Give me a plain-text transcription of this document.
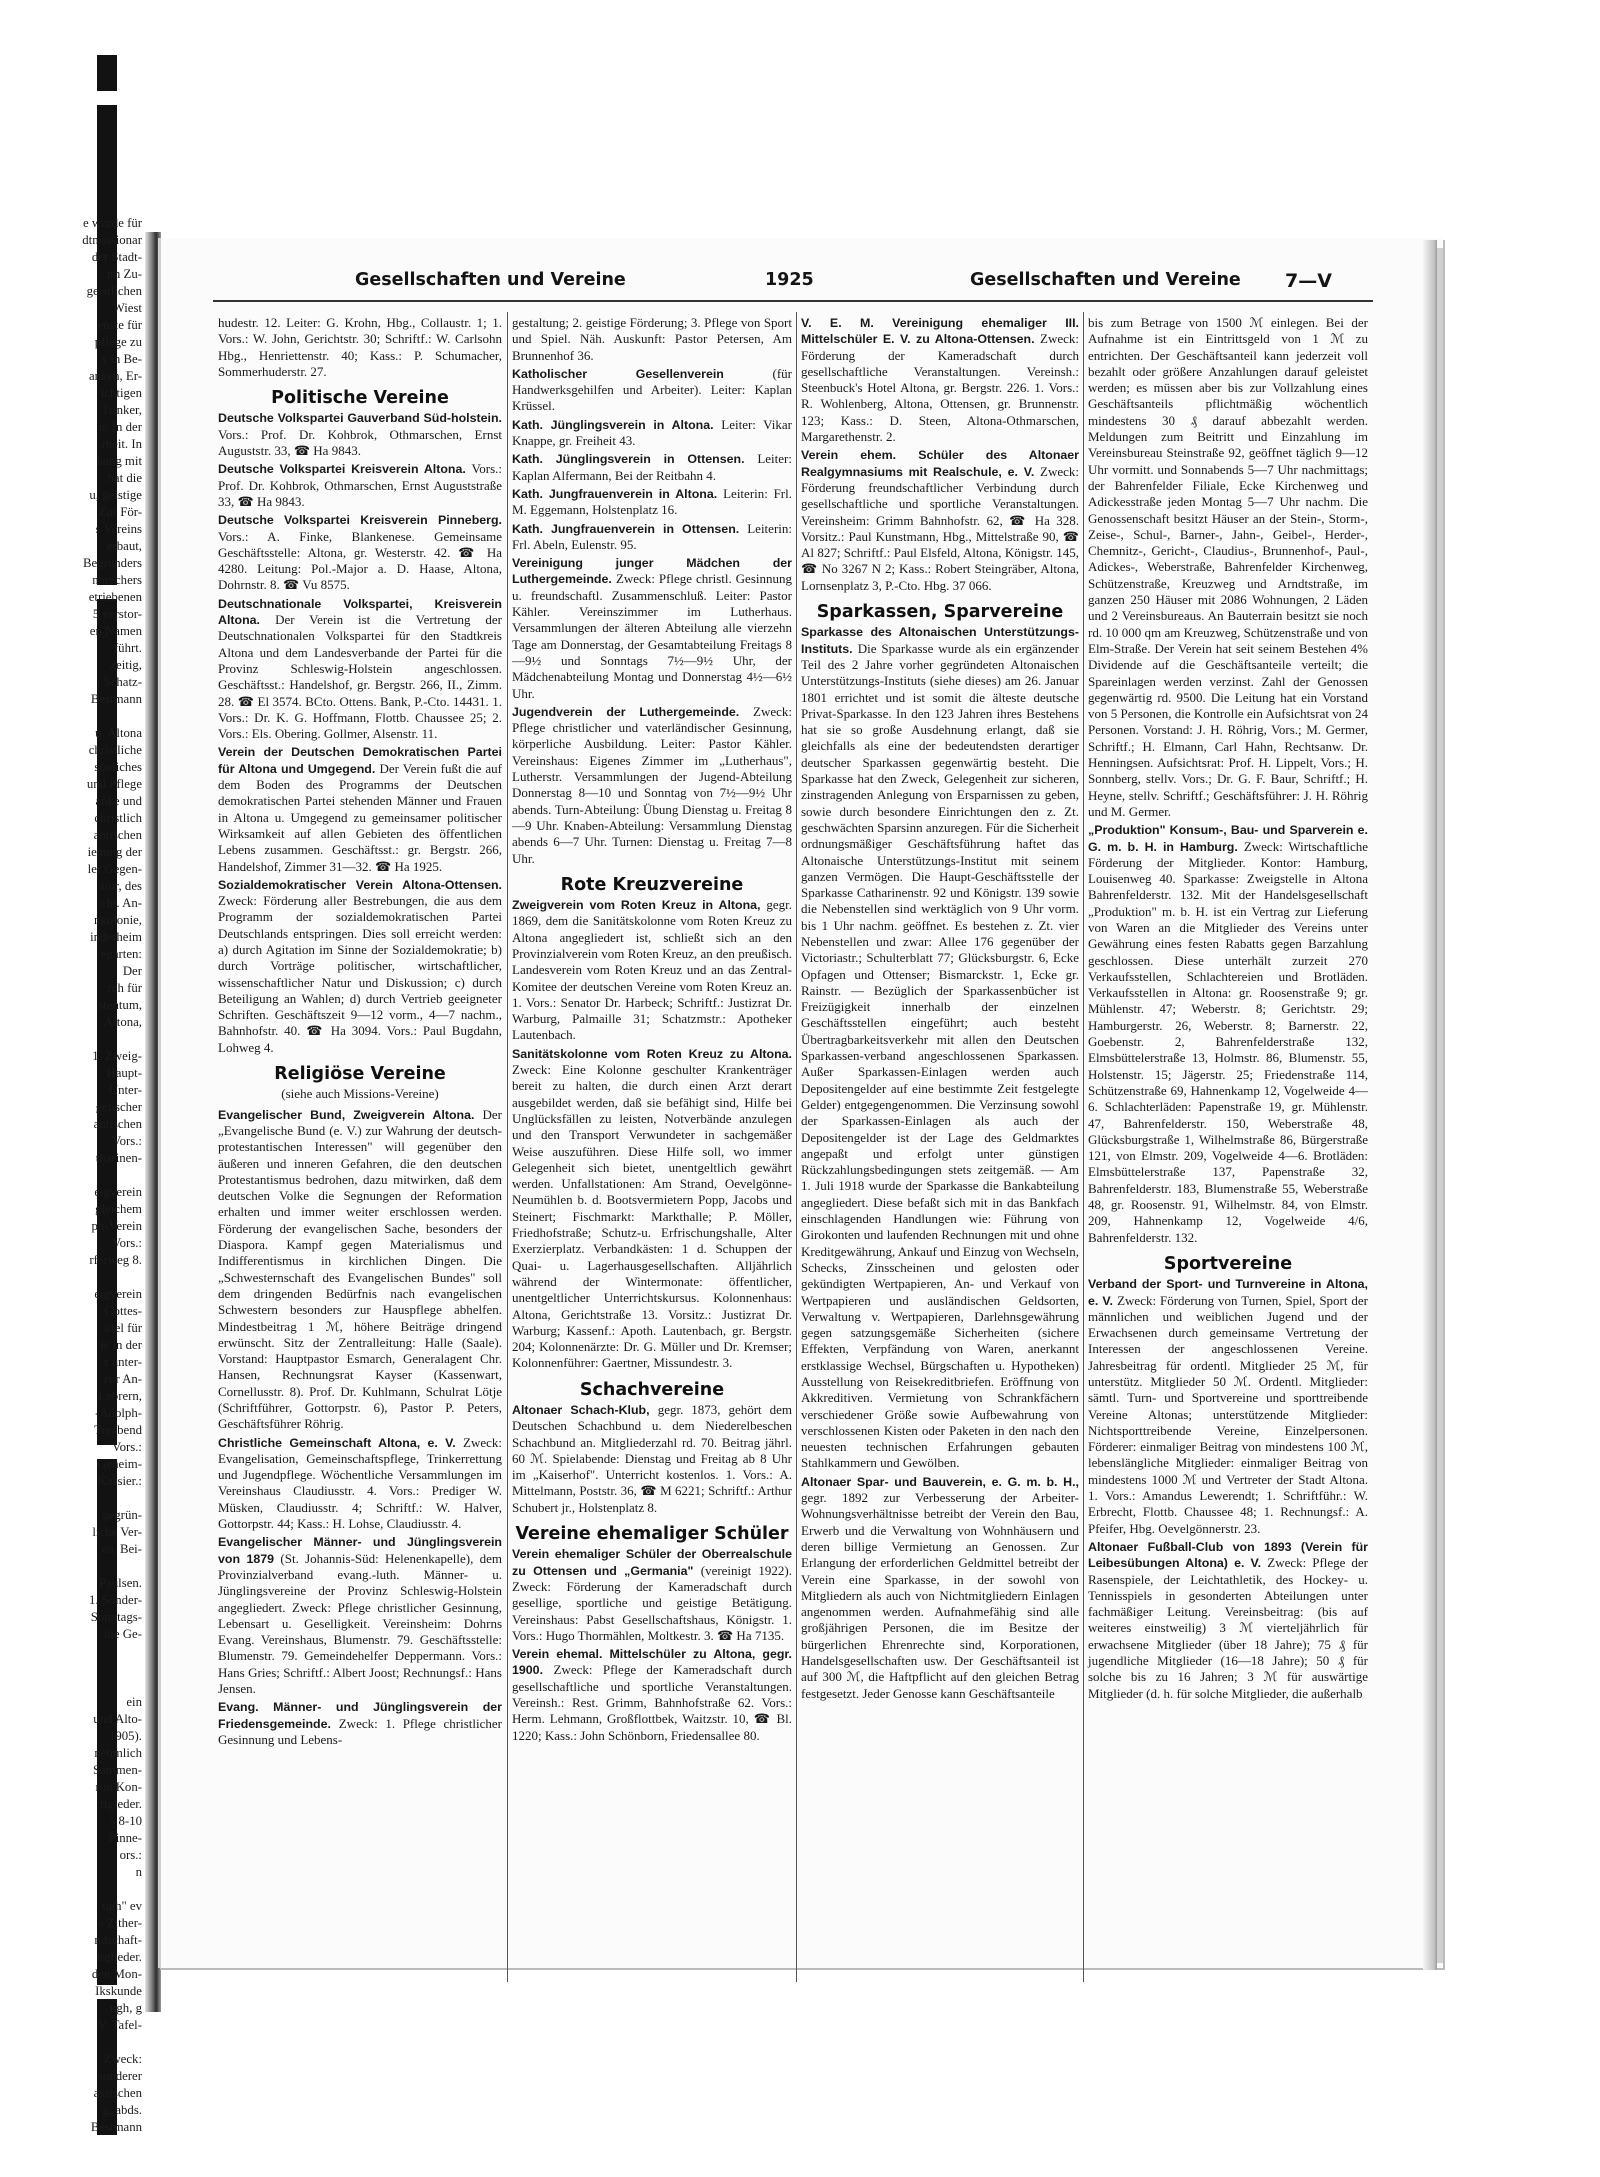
e wurde für
dtmissionar
der Stadt-
. im Zu-
geistlichen
Wiest
enste für
pflege zu
s in Be-
anken, Er-
ichtigen
Trinker,
n. In der
rbeit. In
hang mit
hat die
u, geistige
Zur För-
s Vereins
erbaut,
Begründers
nbrechers
etriebenen
5 verstor-
en Namen
führt.
zeitig,
; Schatz-
Bestmann

u. Altona
christliche
sönliches
und Pflege
anke und
christlich
antischen
iehung der
ler Gegen-
atur, des
cht. An-
nkolonie,
inderheim
egarten:
Der
rch für
stentum,
Altona,

1. Zweig-
Haupt-
Unter-
gelischer
antischen
Vors.:
tharinen-

eigverein
gleichem
ph-Verein
Vors.:
rferweg 8.

eigverein
Gottes-
ittel für
ie in der
r unter-
zur An-
Lebrern,
-Adolph-
Treabend
Vors.:
Geheim-
Kassier.:

gegrün-
liche Ver-
en. Bei-

Paulsen.
1. Sonder-
Sonntags-
die Ge-

ein
und Alto-
1905).
nehmlich
Sammen-
ron Kon-
tigleder.
s 8-10
Pinne-
ors.:
n

ugh" ev
s Zither-
ndschaft-
itglieder.
den Mon-
Ikskunde
ugh, g
V. Tafel-

Zweck:
sonderer
assischen
g, abds.
Bestmann
Gesellschaften und Vereine	1925	Gesellschaften und Vereine 7—V

hudestr. 12. Leiter: G. Krohn, Hbg., Collaustr. 1; 1. Vors.: W. John, Gerichtstr. 30; Schriftf.: W. Carlsohn Hbg., Henriettenstr. 40; Kass.: P. Schumacher, Sommerhuderstr. 27.

Politische Vereine

Deutsche Volkspartei Gauverband Süd-holstein. Vors.: Prof. Dr. Kohbrok, Othmarschen, Ernst Auguststr. 33, ☎ Ha 9843.

Deutsche Volkspartei Kreisverein Altona. Vors.: Prof. Dr. Kohbrok, Othmarschen, Ernst Auguststraße 33, ☎ Ha 9843.

Deutsche Volkspartei Kreisverein Pinneberg. Vors.: A. Finke, Blankenese. Gemeinsame Geschäftsstelle: Altona, gr. Westerstr. 42. ☎ Ha 4280. Leitung: Pol.-Major a. D. Haase, Altona, Dohrnstr. 8. ☎ Vu 8575.

Deutschnationale Volkspartei, Kreisverein Altona. Der Verein ist die Vertretung der Deutschnationalen Volkspartei für den Stadtkreis Altona und dem Landesverbande der Partei für die Provinz Schleswig-Holstein angeschlossen. Geschäftsst.: Handelshof, gr. Bergstr. 266, II., Zimm. 28. ☎ El 3574. BCto. Ottens. Bank, P.-Cto. 14431. 1. Vors.: Dr. K. G. Hoffmann, Flottb. Chaussee 25; 2. Vors.: Els. Obering. Gollmer, Alsenstr. 11.

Verein der Deutschen Demokratischen Partei für Altona und Umgegend. Der Verein fußt die auf dem Boden des Programms der Deutschen demokratischen Partei stehenden Männer und Frauen in Altona u. Umgegend zu gemeinsamer politischer Wirksamkeit auf allen Gebieten des öffentlichen Lebens zusammen. Geschäftsst.: gr. Bergstr. 266, Handelshof, Zimmer 31—32. ☎ Ha 1925.

Sozialdemokratischer Verein Altona-Ottensen. Zweck: Förderung aller Bestrebungen, die aus dem Programm der sozialdemokratischen Partei Deutschlands entspringen. Dies soll erreicht werden: a) durch Agitation im Sinne der Sozialdemokratie; b) durch Vorträge politischer, wirtschaftlicher, wissenschaftlicher Natur und Diskussion; c) durch Beteiligung an Wahlen; d) durch Vertrieb geeigneter Schriften. Geschäftszeit 9—12 vorm., 4—7 nachm., Bahnhofstr. 40. ☎ Ha 3094. Vors.: Paul Bugdahn, Lohweg 4.

Religiöse Vereine
(siehe auch Missions-Vereine)

Evangelischer Bund, Zweigverein Altona. Der „Evangelische Bund (e. V.) zur Wahrung der deutsch-protestantischen Interessen" will gegenüber den äußeren und inneren Gefahren, die den deutschen Protestantismus bedrohen, dazu mitwirken, daß dem deutschen Volke die Segnungen der Reformation erhalten und immer weiter erschlossen werden. Förderung der evangelischen Sache, besonders der Diaspora. Kampf gegen Materialismus und Indifferentismus in kirchlichen Dingen. Die „Schwesternschaft des Evangelischen Bundes" soll dem dringenden Bedürfnis nach evangelischen Schwestern besonders zur Hauspflege abhelfen. Mindestbeitrag 1 ℳ, höhere Beiträge dringend erwünscht. Sitz der Zentralleitung: Halle (Saale). Vorstand: Hauptpastor Esmarch, Generalagent Chr. Hansen, Rechnungsrat Kayser (Kassenwart, Cornellusstr. 8). Prof. Dr. Kuhlmann, Schulrat Lötje (Schriftführer, Gottorpstr. 6), Pastor P. Peters, Geschäftsführer Röhrig.

Christliche Gemeinschaft Altona, e. V. Zweck: Evangelisation, Gemeinschaftspflege, Trinkerrettung und Jugendpflege. Wöchentliche Versammlungen im Vereinshaus Claudiusstr. 4. Vors.: Prediger W. Müsken, Claudiusstr. 4; Schriftf.: W. Halver, Gottorpstr. 44; Kass.: H. Lohse, Claudiusstr. 4.

Evangelischer Männer- und Jünglingsverein von 1879 (St. Johannis-Süd: Helenenkapelle), dem Provinzialverband evang.-luth. Männer- u. Jünglingsvereine der Provinz Schleswig-Holstein angegliedert. Zweck: Pflege christlicher Gesinnung, Lebensart u. Geselligkeit. Vereinsheim: Dohrns Evang. Vereinshaus, Blumenstr. 79. Geschäftsstelle: Blumenstr. 79. Gemeindehelfer Deppermann. Vors.: Hans Gries; Schriftf.: Albert Joost; Rechnungsf.: Hans Jensen.

Evang. Männer- und Jünglingsverein der Friedensgemeinde. Zweck: 1. Pflege christlicher Gesinnung und Lebens-

gestaltung; 2. geistige Förderung; 3. Pflege von Sport und Spiel. Näh. Auskunft: Pastor Petersen, Am Brunnenhof 36.

Katholischer Gesellenverein (für Handwerksgehilfen und Arbeiter). Leiter: Kaplan Krüssel.

Kath. Jünglingsverein in Altona. Leiter: Vikar Knappe, gr. Freiheit 43.

Kath. Jünglingsverein in Ottensen. Leiter: Kaplan Alfermann, Bei der Reitbahn 4.

Kath. Jungfrauenverein in Altona. Leiterin: Frl. M. Eggemann, Holstenplatz 16.

Kath. Jungfrauenverein in Ottensen. Leiterin: Frl. Abeln, Eulenstr. 95.

Vereinigung junger Mädchen der Luthergemeinde. Zweck: Pflege christl. Gesinnung u. freundschaftl. Zusammenschluß. Leiter: Pastor Kähler. Vereinszimmer im Lutherhaus. Versammlungen der älteren Abteilung alle vierzehn Tage am Donnerstag, der Gesamtabteilung Freitags 8—9½ und Sonntags 7½—9½ Uhr, der Mädchenabteilung Montag und Donnerstag 4½—6½ Uhr.

Jugendverein der Luthergemeinde. Zweck: Pflege christlicher und vaterländischer Gesinnung, körperliche Ausbildung. Leiter: Pastor Kähler. Vereinshaus: Eigenes Zimmer im „Lutherhaus", Lutherstr. Versammlungen der Jugend-Abteilung Donnerstag 8—10 und Sonntag von 7½—9½ Uhr abends. Turn-Abteilung: Übung Dienstag u. Freitag 8—9 Uhr. Knaben-Abteilung: Versammlung Dienstag abends 6—7 Uhr. Turnen: Dienstag u. Freitag 7—8 Uhr.

Rote Kreuzvereine

Zweigverein vom Roten Kreuz in Altona, gegr. 1869, dem die Sanitätskolonne vom Roten Kreuz zu Altona angegliedert ist, schließt sich an den Provinzialverein vom Roten Kreuz, an den preußisch. Landesverein vom Roten Kreuz und an das Zentral-Komitee der deutschen Vereine vom Roten Kreuz an. 1. Vors.: Senator Dr. Harbeck; Schriftf.: Justizrat Dr. Warburg, Palmaille 31; Schatzmstr.: Apotheker Lautenbach.

Sanitätskolonne vom Roten Kreuz zu Altona. Zweck: Eine Kolonne geschulter Krankenträger bereit zu halten, die durch einen Arzt derart ausgebildet werden, daß sie befähigt sind, Hilfe bei Unglücksfällen zu leisten, Notverbände anzulegen und den Transport Verwundeter in sachgemäßer Weise auszuführen. Diese Hilfe soll, wo immer Gelegenheit sich bietet, unentgeltlich gewährt werden. Unfallstationen: Am Strand, Oevelgönne-Neumühlen b. d. Bootsvermietern Popp, Jacobs und Steinert; Fischmarkt: Markthalle; P. Möller, Friedhofstraße; Schutz-u. Erfrischungshalle, Alter Exerzierplatz. Verbandkästen: 1 d. Schuppen der Quai- u. Lagerhausgesellschaften. Alljährlich während der Wintermonate: öffentlicher, unentgeltlicher Unterrichtskursus. Kolonnenhaus: Altona, Gerichtstraße 13. Vorsitz.: Justizrat Dr. Warburg; Kassenf.: Apoth. Lautenbach, gr. Bergstr. 204; Kolonnenärzte: Dr. G. Müller und Dr. Kremser; Kolonnenführer: Gaertner, Missundestr. 3.

Schachvereine

Altonaer Schach-Klub, gegr. 1873, gehört dem Deutschen Schachbund u. dem Niederelbeschen Schachbund an. Mitgliederzahl rd. 70. Beitrag jährl. 60 ℳ. Spielabende: Dienstag und Freitag ab 8 Uhr im „Kaiserhof". Unterricht kostenlos. 1. Vors.: A. Mittelmann, Poststr. 36, ☎ M 6221; Schriftf.: Arthur Schubert jr., Holstenplatz 8.

Vereine ehemaliger Schüler

Verein ehemaliger Schüler der Oberrealschule zu Ottensen und „Germania" (vereinigt 1922). Zweck: Förderung der Kameradschaft durch gesellige, sportliche und geistige Betätigung. Vereinshaus: Pabst Gesellschaftshaus, Königstr. 1. Vors.: Hugo Thormählen, Moltkestr. 3. ☎ Ha 7135.

Verein ehemal. Mittelschüler zu Altona, gegr. 1900. Zweck: Pflege der Kameradschaft durch gesellschaftliche und sportliche Veranstaltungen. Vereinsh.: Rest. Grimm, Bahnhofstraße 62. Vors.: Herm. Lehmann, Großflottbek, Waitzstr. 10, ☎ Bl. 1220; Kass.: John Schönborn, Friedensallee 80.

V. E. M. Vereinigung ehemaliger III. Mittelschüler E. V. zu Altona-Ottensen. Zweck: Förderung der Kameradschaft durch gesellschaftliche Veranstaltungen. Vereinsh.: Steenbuck's Hotel Altona, gr. Bergstr. 226. 1. Vors.: R. Wohlenberg, Altona, Ottensen, gr. Brunnenstr. 123; Kass.: D. Steen, Altona-Othmarschen, Margarethenstr. 2.

Verein ehem. Schüler des Altonaer Realgymnasiums mit Realschule, e. V. Zweck: Förderung freundschaftlicher Verbindung durch gesellschaftliche und sportliche Veranstaltungen. Vereinsheim: Grimm Bahnhofstr. 62, ☎ Ha 328. Vorsitz.: Paul Kunstmann, Hbg., Mittelstraße 90, ☎ Al 827; Schriftf.: Paul Elsfeld, Altona, Königstr. 145, ☎ No 3267 N 2; Kass.: Robert Steingräber, Altona, Lornsenplatz 3, P.-Cto. Hbg. 37 066.

Sparkassen, Sparvereine

Sparkasse des Altonaischen Unterstützungs-Instituts. Die Sparkasse wurde als ein ergänzender Teil des 2 Jahre vorher gegründeten Altonaischen Unterstützungs-Instituts (siehe dieses) am 26. Januar 1801 errichtet und ist somit die älteste deutsche Privat-Sparkasse. In den 123 Jahren ihres Bestehens hat sie so große Ausdehnung erlangt, daß sie gleichfalls als eine der bedeutendsten derartiger deutscher Sparkassen gegenwärtig besteht. Die Sparkasse hat den Zweck, Gelegenheit zur sicheren, zinstragenden Anlegung von Ersparnissen zu geben, sowie durch besondere Einrichtungen den z. Zt. geschwächten Sparsinn anzuregen. Für die Sicherheit ordnungsmäßiger Geschäftsführung haftet das Altonaische Unterstützungs-Institut mit seinem ganzen Vermögen. Die Haupt-Geschäftsstelle der Sparkasse Catharinenstr. 92 und Königstr. 139 sowie die Nebenstellen sind werktäglich von 9 Uhr vorm. bis 1 Uhr nachm. geöffnet. Es bestehen z. Zt. vier Nebenstellen und zwar: Allee 176 gegenüber der Victoriastr.; Schulterblatt 77; Glücksburgstr. 6, Ecke Opfagen und Ottenser; Bismarckstr. 1, Ecke gr. Rainstr. — Bezüglich der Sparkassenbücher ist Freizügigkeit innerhalb der einzelnen Geschäftsstellen eingeführt; auch besteht Übertragbarkeitsverkehr mit allen den Deutschen Sparkassen-verband angeschlossenen Sparkassen. Außer Sparkassen-Einlagen werden auch Depositengelder auf eine bestimmte Zeit festgelegte Gelder) entgegengenommen. Die Verzinsung sowohl der Sparkassen-Einlagen als auch der Depositengelder ist der Lage des Geldmarktes angepaßt und erfolgt unter günstigen Rückzahlungsbedingungen stets zeitgemäß. — Am 1. Juli 1918 wurde der Sparkasse die Bankabteilung angegliedert. Diese befaßt sich mit in das Bankfach einschlagenden Handlungen wie: Führung von Girokonten und laufenden Rechnungen mit und ohne Kreditgewährung, Ankauf und Einzug von Wechseln, Schecks, Zinsscheinen und gelosten oder gekündigten Wertpapieren, An- und Verkauf von Wertpapieren und ausländischen Geldsorten, Verwaltung v. Wertpapieren, Darlehnsgewährung gegen satzungsgemäße Sicherheiten (sichere Effekten, Verpfändung von Waren, anerkannt erstklassige Wechsel, Bürgschaften u. Hypotheken) Ausstellung von Reisekreditbriefen. Eröffnung von Akkreditiven. Vermietung von Schrankfächern verschiedener Größe sowie Aufbewahrung von verschlossenen Kisten oder Paketen in den nach den neuesten technischen Erfahrungen gebauten Stahlkammern und Gewölben.

Altonaer Spar- und Bauverein, e. G. m. b. H., gegr. 1892 zur Verbesserung der Arbeiter-Wohnungsverhältnisse betreibt der Verein den Bau, Erwerb und die Verwaltung von Wohnhäusern und deren billige Vermietung an Genossen. Zur Erlangung der erforderlichen Geldmittel betreibt der Verein eine Sparkasse, in der sowohl von Mitgliedern als auch von Nichtmitgliedern Einlagen angenommen werden. Aufnahmefähig sind alle großjährigen Personen, die im Besitze der bürgerlichen Ehrenrechte sind, Korporationen, Handelsgesellschaften usw. Der Geschäftsanteil ist auf 300 ℳ, die Haftpflicht auf den gleichen Betrag festgesetzt. Jeder Genosse kann Geschäftsanteile

bis zum Betrage von 1500 ℳ einlegen. Bei der Aufnahme ist ein Eintrittsgeld von 1 ℳ zu entrichten. Der Geschäftsanteil kann jederzeit voll bezahlt oder größere Anzahlungen darauf geleistet werden; es müssen aber bis zur Vollzahlung eines Geschäftsanteils pflichtmäßig wöchentlich mindestens 30 ₰ darauf abbezahlt werden. Meldungen zum Beitritt und Einzahlung im Vereinsbureau Steinstraße 92, geöffnet täglich 9—12 Uhr vormitt. und Sonnabends 5—7 Uhr nachmittags; der Bahrenfelder Filiale, Ecke Kirchenweg und Adickesstraße jeden Montag 5—7 Uhr nachm. Die Genossenschaft besitzt Häuser an der Stein-, Storm-, Zeise-, Schul-, Barner-, Jahn-, Geibel-, Herder-, Chemnitz-, Gericht-, Claudius-, Brunnenhof-, Paul-, Adickes-, Weberstraße, Bahrenfelder Kirchenweg, Schützenstraße, Kreuzweg und Arndtstraße, im ganzen 250 Häuser mit 2086 Wohnungen, 2 Läden und 2 Vereinsbureaus. An Bauterrain besitzt sie noch rd. 10 000 qm am Kreuzweg, Schützenstraße und von Elm-Straße. Der Verein hat seit seinem Bestehen 4% Dividende auf die Geschäftsanteile verteilt; die Spareinlagen werden verzinst. Zahl der Genossen gegenwärtig rd. 9500. Die Leitung hat ein Vorstand von 5 Personen, die Kontrolle ein Aufsichtsrat von 24 Personen. Vorstand: J. H. Röhrig, Vors.; M. Germer, Schriftf.; H. Elmann, Carl Hahn, Rechtsanw. Dr. Henningsen. Aufsichtsrat: Prof. H. Lippelt, Vors.; H. Sonnberg, stellv. Vors.; Dr. G. F. Baur, Schriftf.; H. Heyne, stellv. Schriftf.; Geschäftsführer: J. H. Röhrig und M. Germer.

„Produktion" Konsum-, Bau- und Sparverein e. G. m. b. H. in Hamburg. Zweck: Wirtschaftliche Förderung der Mitglieder. Kontor: Hamburg, Louisenweg 40. Sparkasse: Zweigstelle in Altona Bahrenfelderstr. 132. Mit der Handelsgesellschaft „Produktion" m. b. H. ist ein Vertrag zur Lieferung von Waren an die Mitglieder des Vereins unter Gewährung eines festen Rabatts gegen Barzahlung geschlossen. Diese unterhält zurzeit 270 Verkaufsstellen, Schlachtereien und Brotläden. Verkaufsstellen in Altona: gr. Roosenstraße 9; gr. Mühlenstr. 47; Weberstr. 8; Gerichtstr. 29; Hamburgerstr. 26, Weberstr. 8; Barnerstr. 22, Goebenstr. 2, Bahrenfelderstraße 132, Elmsbüttelerstraße 13, Holmstr. 86, Blumenstr. 55, Holstenstr. 15; Jägerstr. 25; Friedenstraße 114, Schützenstraße 69, Hahnenkamp 12, Vogelweide 4—6. Schlachterläden: Papenstraße 19, gr. Mühlenstr. 47, Bahrenfelderstr. 150, Weberstraße 48, Glücksburgstraße 1, Wilhelmstraße 86, Bürgerstraße 121, von Elmstr. 209, Vogelweide 4—6. Brotläden: Elmsbüttelerstraße 137, Papenstraße 32, Bahrenfelderstr. 183, Blumenstraße 55, Weberstraße 48, gr. Roosenstr. 91, Wilhelmstr. 84, von Elmstr. 209, Hahnenkamp 12, Vogelweide 4/6, Bahrenfelderstr. 132.

Sportvereine

Verband der Sport- und Turnvereine in Altona, e. V. Zweck: Förderung von Turnen, Spiel, Sport der männlichen und weiblichen Jugend und der Erwachsenen durch gemeinsame Vertretung der Interessen der angeschlossenen Vereine. Jahresbeitrag für ordentl. Mitglieder 25 ℳ, für unterstütz. Mitglieder 50 ℳ. Ordentl. Mitglieder: sämtl. Turn- und Sportvereine und sporttreibende Vereine Altonas; unterstützende Mitglieder: Nichtsporttreibende Vereine, Einzelpersonen. Förderer: einmaliger Beitrag von mindestens 100 ℳ, lebenslängliche Mitglieder: einmaliger Beitrag von mindestens 1000 ℳ und Vertreter der Stadt Altona. 1. Vors.: Amandus Lewerendt; 1. Schriftführ.: W. Erbrecht, Flottb. Chaussee 48; 1. Rechnungsf.: A. Pfeifer, Hbg. Oevelgönnerstr. 23.

Altonaer Fußball-Club von 1893 (Verein für Leibesübungen Altona) e. V. Zweck: Pflege der Rasenspiele, der Leichtathletik, des Hockey- u. Tennisspiels in gesonderten Abteilungen unter fachmäßiger Leitung. Vereinsbeitrag: (bis auf weiteres einstweilig) 3 ℳ vierteljährlich für erwachsene Mitglieder (über 18 Jahre); 75 ₰ für jugendliche Mitglieder (16—18 Jahre); 50 ₰ für solche bis zu 16 Jahren; 3 ℳ für auswärtige Mitglieder (d. h. für solche Mitglieder, die außerhalb
